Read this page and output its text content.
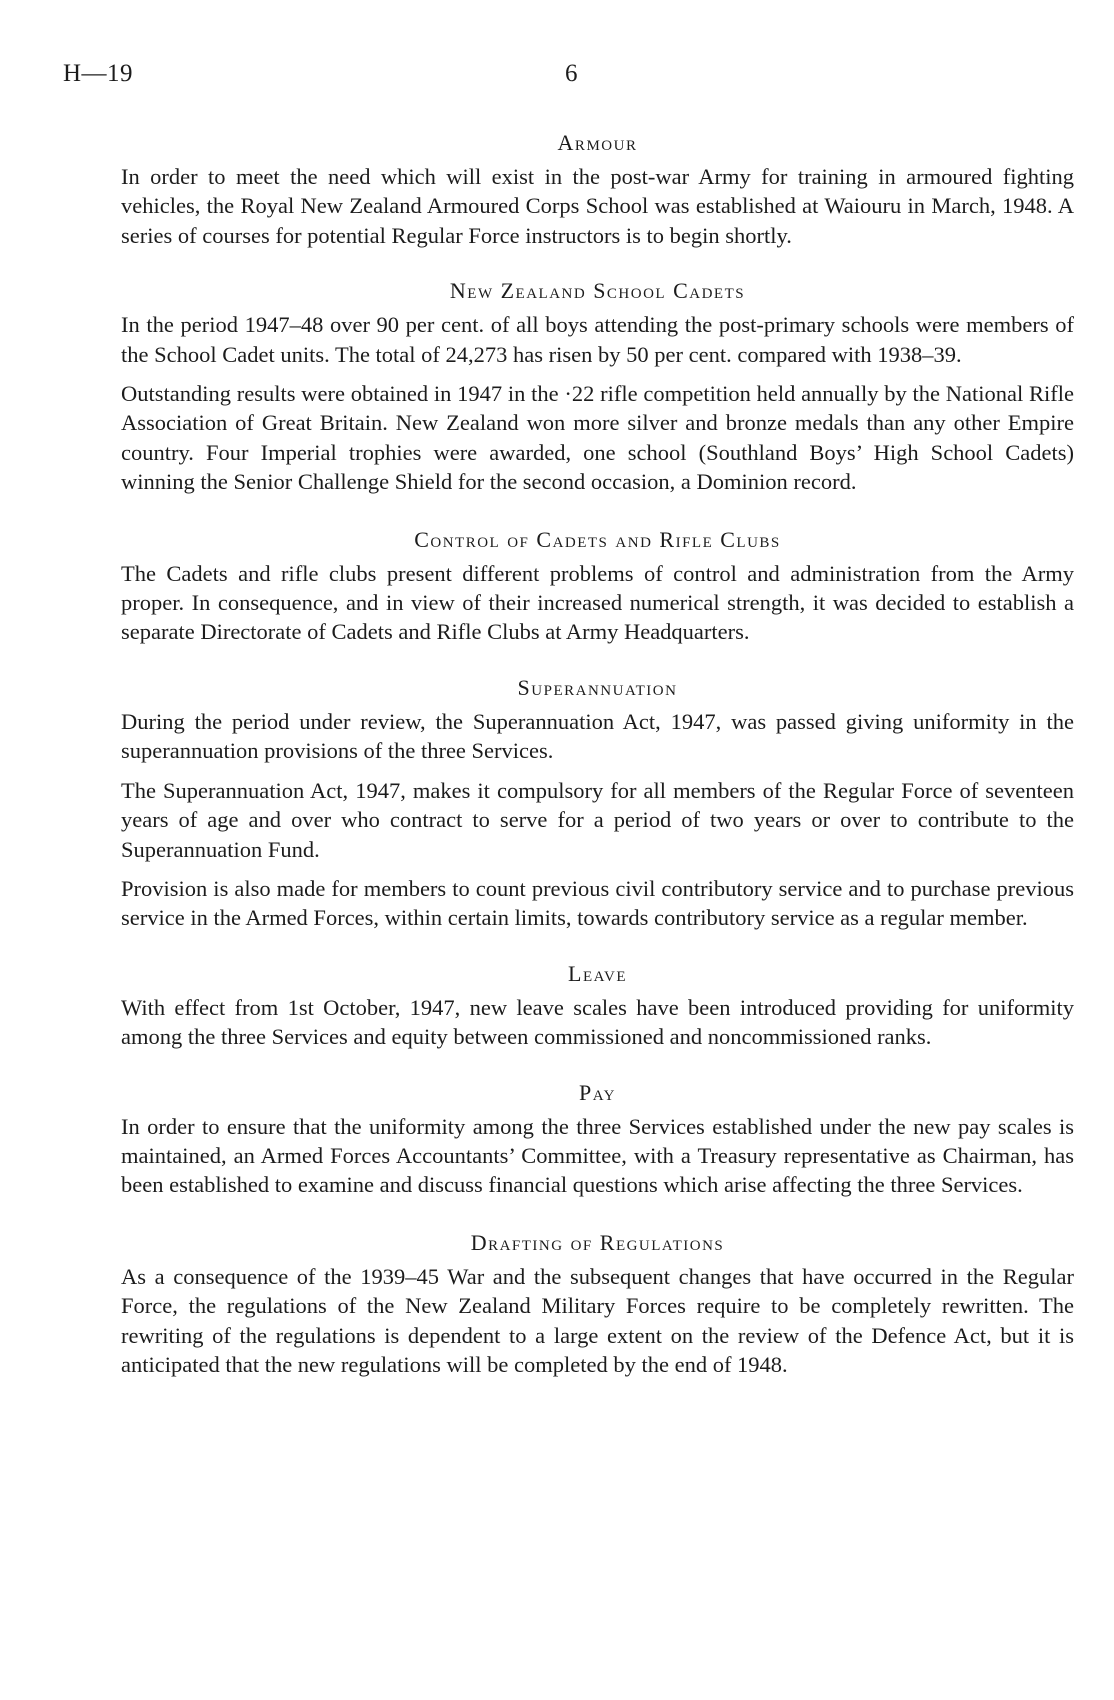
H—19	6
Armour

In order to meet the need which will exist in the post-war Army for training in armoured fighting vehicles, the Royal New Zealand Armoured Corps School was established at Waiouru in March, 1948. A series of courses for potential Regular Force instructors is to begin shortly.

New Zealand School Cadets

In the period 1947–48 over 90 per cent. of all boys attending the post-primary schools were members of the School Cadet units. The total of 24,273 has risen by 50 per cent. compared with 1938–39.

Outstanding results were obtained in 1947 in the ·22 rifle competition held annually by the National Rifle Association of Great Britain. New Zealand won more silver and bronze medals than any other Empire country. Four Imperial trophies were awarded, one school (Southland Boys’ High School Cadets) winning the Senior Challenge Shield for the second occasion, a Dominion record.

Control of Cadets and Rifle Clubs

The Cadets and rifle clubs present different problems of control and administration from the Army proper. In consequence, and in view of their increased numerical strength, it was decided to establish a separate Directorate of Cadets and Rifle Clubs at Army Headquarters.

Superannuation

During the period under review, the Superannuation Act, 1947, was passed giving uniformity in the superannuation provisions of the three Services.

The Superannuation Act, 1947, makes it compulsory for all members of the Regular Force of seventeen years of age and over who contract to serve for a period of two years or over to contribute to the Superannuation Fund.

Provision is also made for members to count previous civil contributory service and to purchase previous service in the Armed Forces, within certain limits, towards contributory service as a regular member.

Leave

With effect from 1st October, 1947, new leave scales have been introduced providing for uniformity among the three Services and equity between commissioned and noncommissioned ranks.

Pay

In order to ensure that the uniformity among the three Services established under the new pay scales is maintained, an Armed Forces Accountants’ Committee, with a Treasury representative as Chairman, has been established to examine and discuss financial questions which arise affecting the three Services.

Drafting of Regulations

As a consequence of the 1939–45 War and the subsequent changes that have occurred in the Regular Force, the regulations of the New Zealand Military Forces require to be completely rewritten. The rewriting of the regulations is dependent to a large extent on the review of the Defence Act, but it is anticipated that the new regulations will be completed by the end of 1948.
